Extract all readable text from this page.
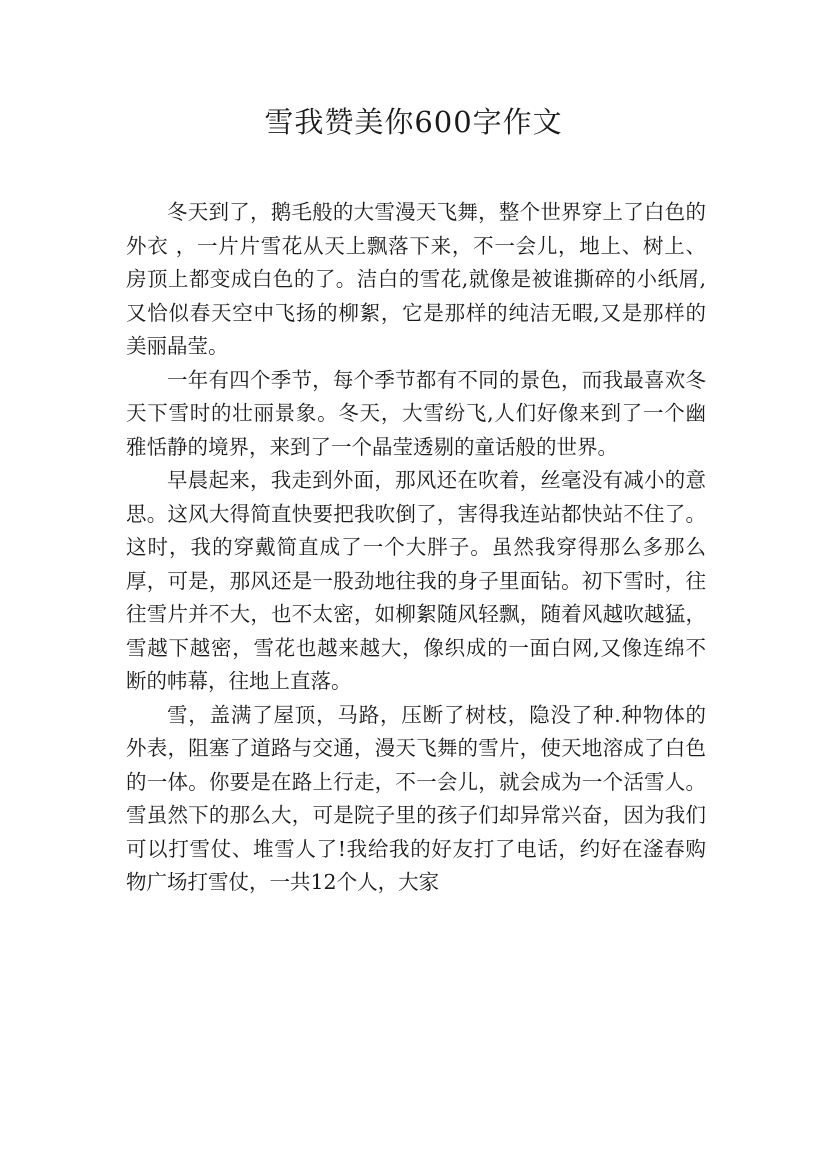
雪我赞美你600字作文

冬天到了，鹅毛般的大雪漫天飞舞，整个世界穿上了白色的外衣 ，一片片雪花从天上飘落下来，不一会儿，地上、树上、房顶上都变成白色的了。洁白的雪花,就像是被谁撕碎的小纸屑,又恰似春天空中飞扬的柳絮，它是那样的纯洁无暇,又是那样的美丽晶莹。

一年有四个季节，每个季节都有不同的景色，而我最喜欢冬天下雪时的壮丽景象。冬天，大雪纷飞,人们好像来到了一个幽雅恬静的境界，来到了一个晶莹透剔的童话般的世界。

早晨起来，我走到外面，那风还在吹着，丝毫没有减小的意思。这风大得简直快要把我吹倒了，害得我连站都快站不住了。这时，我的穿戴简直成了一个大胖子。虽然我穿得那么多那么厚，可是，那风还是一股劲地往我的身子里面钻。初下雪时，往往雪片并不大，也不太密，如柳絮随风轻飘，随着风越吹越猛，雪越下越密，雪花也越来越大，像织成的一面白网,又像连绵不断的帏幕，往地上直落。

雪，盖满了屋顶，马路，压断了树枝，隐没了种.种物体的外表，阻塞了道路与交通，漫天飞舞的雪片，使天地溶成了白色的一体。你要是在路上行走，不一会儿，就会成为一个活雪人。雪虽然下的那么大，可是院子里的孩子们却异常兴奋，因为我们可以打雪仗、堆雪人了!我给我的好友打了电话，约好在滏春购物广场打雪仗，一共12个人，大家
